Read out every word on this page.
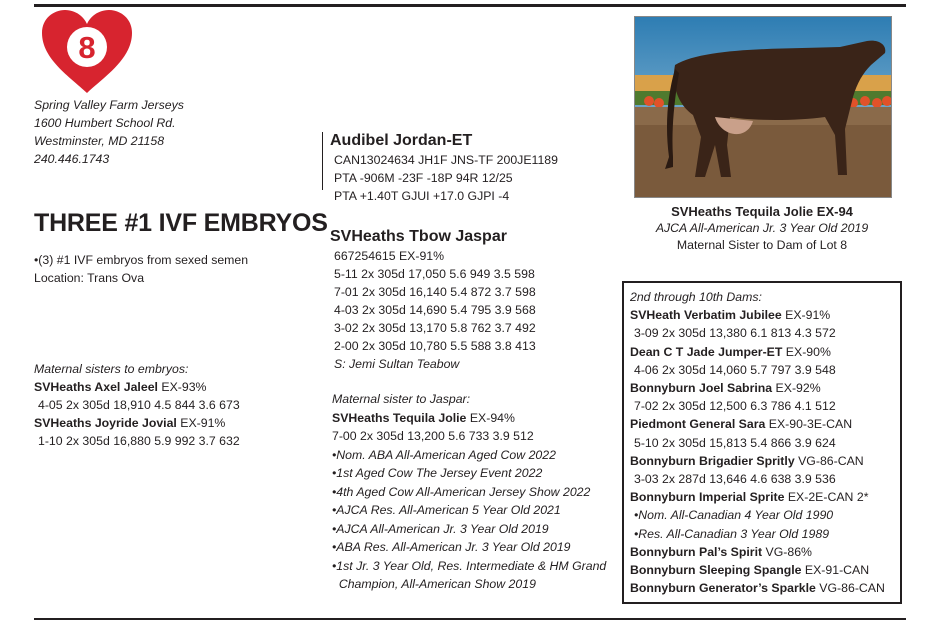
8
Spring Valley Farm Jerseys
1600 Humbert School Rd.
Westminster, MD 21158
240.446.1743
THREE #1 IVF EMBRYOS
•(3) #1 IVF embryos from sexed semen
Location: Trans Ova
Maternal sisters to embryos:
SVHeaths Axel Jaleel EX-93%
4-05 2x 305d 18,910 4.5 844 3.6 673
SVHeaths Joyride Jovial EX-91%
1-10 2x 305d 16,880 5.9 992 3.7 632
Audibel Jordan-ET
CAN13024634 JH1F JNS-TF 200JE1189
PTA -906M -23F -18P 94R 12/25
PTA +1.40T GJUI +17.0 GJPI -4
SVHeaths Tbow Jaspar
667254615 EX-91%
5-11 2x 305d 17,050 5.6 949 3.5 598
7-01 2x 305d 16,140 5.4 872 3.7 598
4-03 2x 305d 14,690 5.4 795 3.9 568
3-02 2x 305d 13,170 5.8 762 3.7 492
2-00 2x 305d 10,780 5.5 588 3.8 413
S: Jemi Sultan Teabow
Maternal sister to Jaspar:
SVHeaths Tequila Jolie EX-94%
7-00 2x 305d 13,200 5.6 733 3.9 512
•Nom. ABA All-American Aged Cow 2022
•1st Aged Cow The Jersey Event 2022
•4th Aged Cow All-American Jersey Show 2022
•AJCA Res. All-American 5 Year Old 2021
•AJCA All-American Jr. 3 Year Old 2019
•ABA Res. All-American Jr. 3 Year Old 2019
•1st Jr. 3 Year Old, Res. Intermediate & HM Grand
Champion, All-American Show 2019
SVHeaths Tequila Jolie EX-94
AJCA All-American Jr. 3 Year Old 2019
Maternal Sister to Dam of Lot 8
2nd through 10th Dams:
SVHeath Verbatim Jubilee EX-91%
3-09 2x 305d 13,380 6.1 813 4.3 572
Dean C T Jade Jumper-ET EX-90%
4-06 2x 305d 14,060 5.7 797 3.9 548
Bonnyburn Joel Sabrina EX-92%
7-02 2x 305d 12,500 6.3 786 4.1 512
Piedmont General Sara EX-90-3E-CAN
5-10 2x 305d 15,813 5.4 866 3.9 624
Bonnyburn Brigadier Spritly VG-86-CAN
3-03 2x 287d 13,646 4.6 638 3.9 536
Bonnyburn Imperial Sprite EX-2E-CAN 2*
•Nom. All-Canadian 4 Year Old 1990
•Res. All-Canadian 3 Year Old 1989
Bonnyburn Pal’s Spirit VG-86%
Bonnyburn Sleeping Spangle EX-91-CAN
Bonnyburn Generator’s Sparkle VG-86-CAN
